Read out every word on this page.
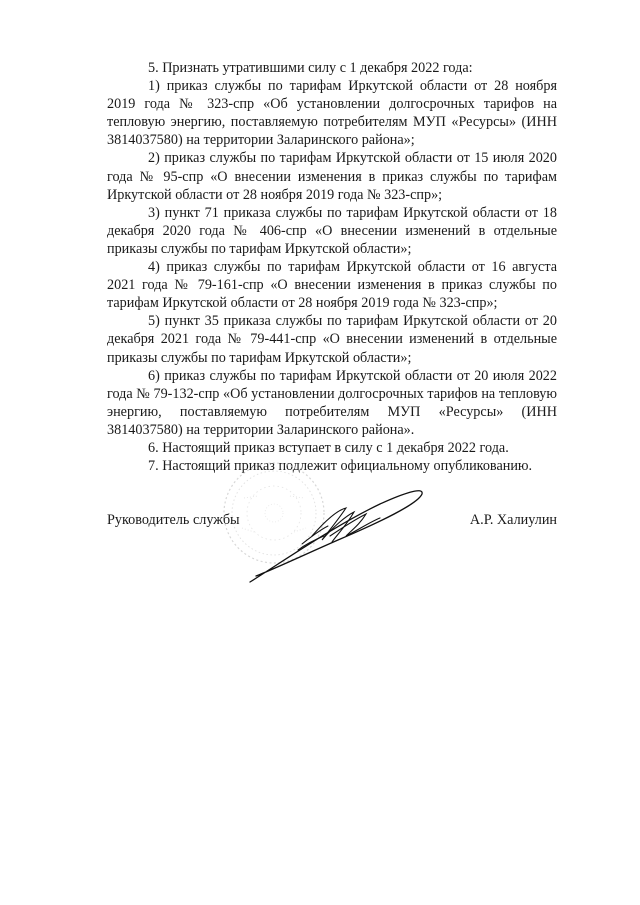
5. Признать утратившими силу с 1 декабря 2022 года:

1) приказ службы по тарифам Иркутской области от 28 ноября 2019 года № 323-спр «Об установлении долгосрочных тарифов на тепловую энергию, поставляемую потребителям МУП «Ресурсы» (ИНН 3814037580) на территории Заларинского района»;

2) приказ службы по тарифам Иркутской области от 15 июля 2020 года № 95-спр «О внесении изменения в приказ службы по тарифам Иркутской области от 28 ноября 2019 года № 323-спр»;

3) пункт 71 приказа службы по тарифам Иркутской области от 18 декабря 2020 года № 406-спр «О внесении изменений в отдельные приказы службы по тарифам Иркутской области»;

4) приказ службы по тарифам Иркутской области от 16 августа 2021 года № 79-161-спр «О внесении изменения в приказ службы по тарифам Иркутской области от 28 ноября 2019 года № 323-спр»;

5) пункт 35 приказа службы по тарифам Иркутской области от 20 декабря 2021 года № 79-441-спр «О внесении изменений в отдельные приказы службы по тарифам Иркутской области»;

6) приказ службы по тарифам Иркутской области от 20 июля 2022 года № 79-132-спр «Об установлении долгосрочных тарифов на тепловую энергию, поставляемую потребителям МУП «Ресурсы» (ИНН 3814037580) на территории Заларинского района».

6. Настоящий приказ вступает в силу с 1 декабря 2022 года.

7. Настоящий приказ подлежит официальному опубликованию.

Руководитель службы	А.Р. Халиулин
